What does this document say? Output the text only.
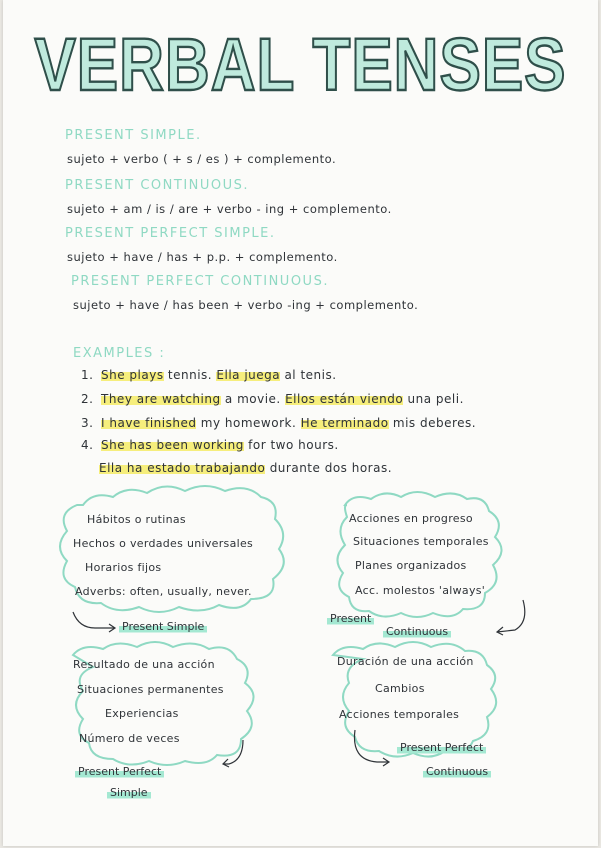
VERBAL TENSES
PRESENT SIMPLE.
sujeto + verbo ( + s / es ) + complemento.
PRESENT CONTINUOUS.
sujeto + am / is / are + verbo - ing + complemento.
PRESENT PERFECT SIMPLE.
sujeto + have / has + p.p. + complemento.
PRESENT PERFECT CONTINUOUS.
sujeto + have / has been + verbo -ing + complemento.
EXAMPLES :
1. She plays tennis. Ella juega al tenis.
2. They are watching a movie. Ellos están viendo una peli.
3. I have finished my homework. He terminado mis deberes.
4. She has been working for two hours.
Ella ha estado trabajando durante dos horas.
Hábitos o rutinas
Hechos o verdades universales
Horarios fijos
Adverbs: often, usually, never.
Present Simple
Acciones en progreso
Situaciones temporales
Planes organizados
Acc. molestos 'always'
Present
Continuous
Resultado de una acción
Situaciones permanentes
Experiencias
Número de veces
Present Perfect
Simple
Duración de una acción
Cambios
Acciones temporales
Present Perfect
Continuous
